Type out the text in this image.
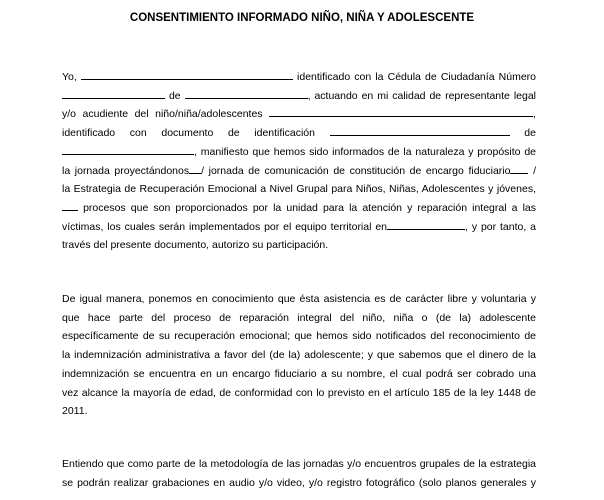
CONSENTIMIENTO INFORMADO NIÑO, NIÑA Y ADOLESCENTE
Yo,	identificado con la Cédula de Ciudadanía Número
de	, actuando en mi calidad de representante legal
y/o acudiente del niño/niña/adolescentes	,
identificado con documento de identificación	de
, manifiesto que hemos sido informados de la naturaleza y propósito de
la jornada proyectándonos / jornada de comunicación de constitución de encargo fiduciario /
la Estrategia de Recuperación Emocional a Nivel Grupal para Niños, Niñas, Adolescentes y jóvenes,
procesos que son proporcionados por la unidad para la atención y reparación integral a las
víctimas, los cuales serán implementados por el equipo territorial en	, y por tanto, a
través del presente documento, autorizo su participación.
De igual manera, ponemos en conocimiento que ésta asistencia es de carácter libre y voluntaria y
que hace parte del proceso de reparación integral del niño, niña o (de la) adolescente
específicamente de su recuperación emocional; que hemos sido notificados del reconocimiento de
la indemnización administrativa a favor del (de la) adolescente; y que sabemos que el dinero de la
indemnización se encuentra en un encargo fiduciario a su nombre, el cual podrá ser cobrado una
vez alcance la mayoría de edad, de conformidad con lo previsto en el artículo 185 de la ley 1448 de
2011.
Entiendo que como parte de la metodología de las jornadas y/o encuentros grupales de la estrategia
se podrán realizar grabaciones en audio y/o video, y/o registro fotográfico (solo planos generales y
